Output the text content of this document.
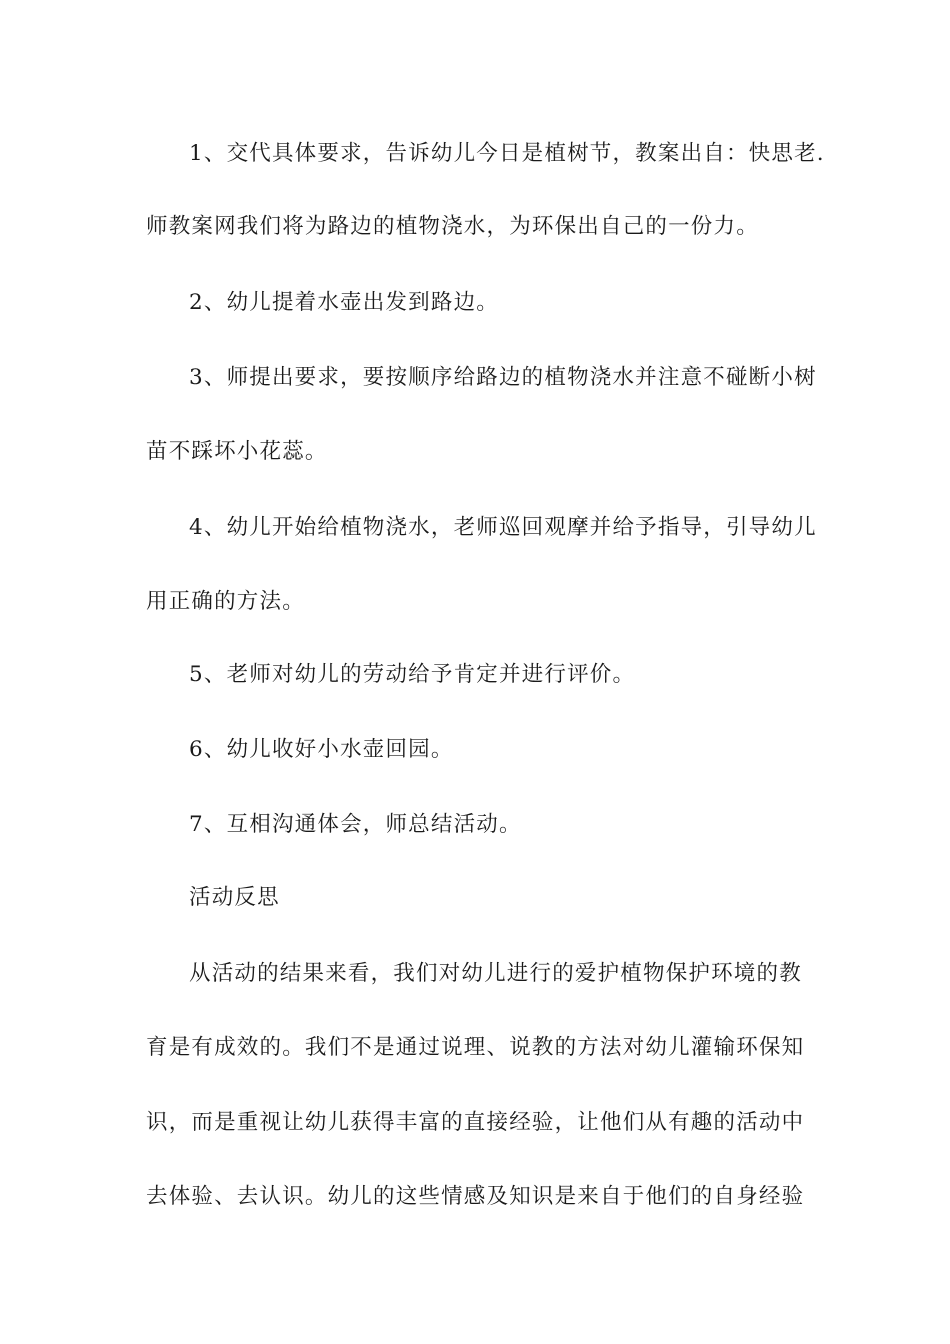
1、交代具体要求，告诉幼儿今日是植树节，教案出自：快思老.
师教案网我们将为路边的植物浇水，为环保出自己的一份力。
2、幼儿提着水壶出发到路边。
3、师提出要求，要按顺序给路边的植物浇水并注意不碰断小树
苗不踩坏小花蕊。
4、幼儿开始给植物浇水，老师巡回观摩并给予指导，引导幼儿
用正确的方法。
5、老师对幼儿的劳动给予肯定并进行评价。
6、幼儿收好小水壶回园。
7、互相沟通体会，师总结活动。
活动反思
从活动的结果来看，我们对幼儿进行的爱护植物保护环境的教
育是有成效的。我们不是通过说理、说教的方法对幼儿灌输环保知
识，而是重视让幼儿获得丰富的直接经验，让他们从有趣的活动中
去体验、去认识。幼儿的这些情感及知识是来自于他们的自身经验
